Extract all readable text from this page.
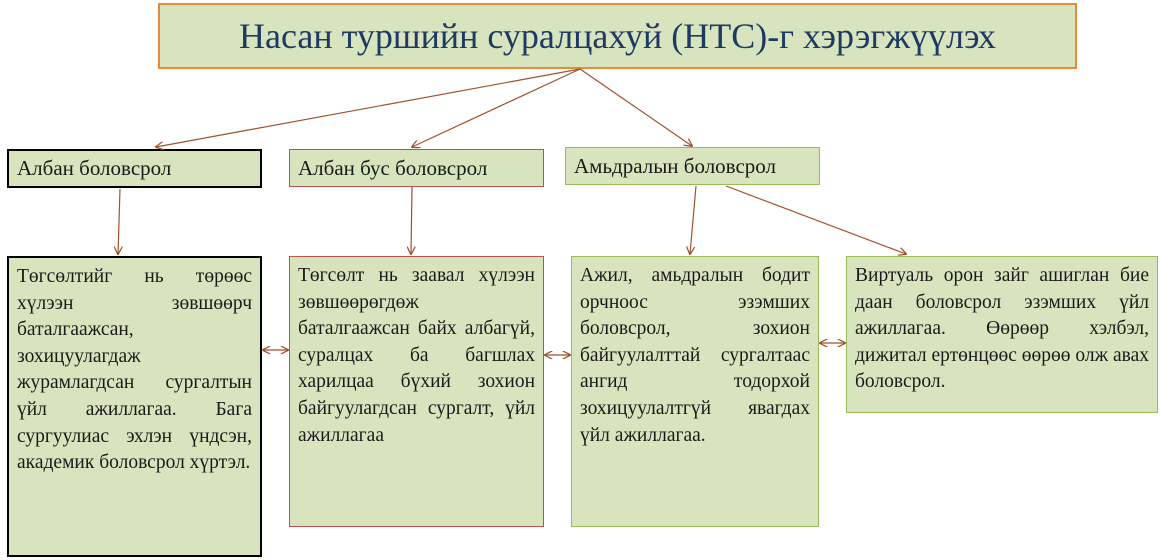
Насан туршийн суралцахуй (НТС)-г хэрэгжүүлэх
Албан боловсрол	Албан бус боловсрол	Амьдралын боловсрол
Төгсөлтийг нь төрөөс хүлээн зөвшөөрч баталгаажсан, зохицуулагдаж журамлагдсан сургалтын үйл ажиллагаа. Бага сургуулиас эхлэн үндсэн, академик боловсрол хүртэл.
Төгсөлт нь заавал хүлээн зөвшөөрөгдөж баталгаажсан байх албагүй, суралцах ба багшлах харилцаа бүхий зохион байгуулагдсан сургалт, үйл ажиллагаа
Ажил, амьдралын бодит орчноос эзэмших боловсрол, зохион байгуулалттай сургалтаас ангид тодорхой зохицуулалтгүй явагдах үйл ажиллагаа.
Виртуаль орон зайг ашиглан бие даан боловсрол эзэмших үйл ажиллагаа. Өөрөөр хэлбэл, дижитал ертөнцөөс өөрөө олж авах боловсрол.
